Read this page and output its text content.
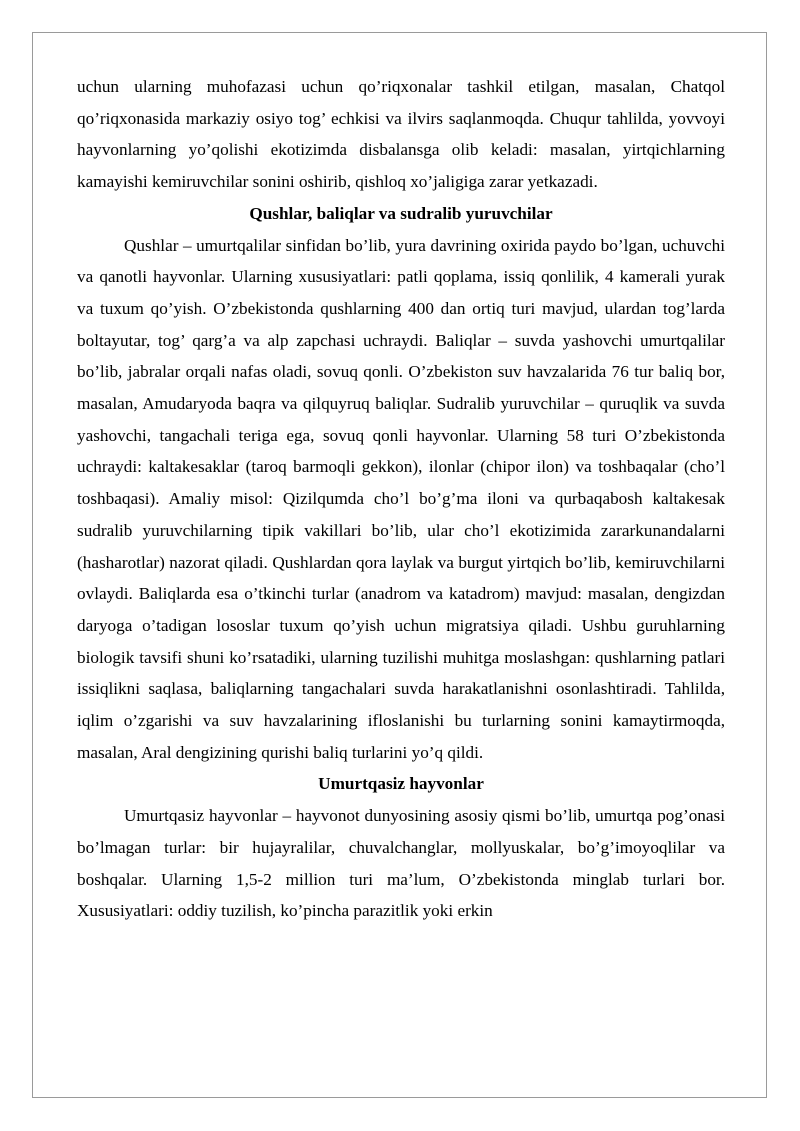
uchun ularning muhofazasi uchun qo’riqxonalar tashkil etilgan, masalan, Chatqol qo’riqxonasida markaziy osiyo tog’ echkisi va ilvirs saqlanmoqda. Chuqur tahlilda, yovvoyi hayvonlarning yo’qolishi ekotizimda disbalansga olib keladi: masalan, yirtqichlarning kamayishi kemiruvchilar sonini oshirib, qishloq xo’jaligiga zarar yetkazadi.

Qushlar, baliqlar va sudralib yuruvchilar

Qushlar – umurtqalilar sinfidan bo’lib, yura davrining oxirida paydo bo’lgan, uchuvchi va qanotli hayvonlar. Ularning xususiyatlari: patli qoplama, issiq qonlilik, 4 kamerali yurak va tuxum qo’yish. O’zbekistonda qushlarning 400 dan ortiq turi mavjud, ulardan tog’larda boltayutar, tog’ qarg’a va alp zapchasi uchraydi. Baliqlar – suvda yashovchi umurtqalilar bo’lib, jabralar orqali nafas oladi, sovuq qonli. O’zbekiston suv havzalarida 76 tur baliq bor, masalan, Amudaryoda baqra va qilquyruq baliqlar. Sudralib yuruvchilar – quruqlik va suvda yashovchi, tangachali teriga ega, sovuq qonli hayvonlar. Ularning 58 turi O’zbekistonda uchraydi: kaltakesaklar (taroq barmoqli gekkon), ilonlar (chipor ilon) va toshbaqalar (cho’l toshbaqasi). Amaliy misol: Qizilqumda cho’l bo’g’ma iloni va qurbaqabosh kaltakesak sudralib yuruvchilarning tipik vakillari bo’lib, ular cho’l ekotizimida zararkunandalarni (hasharotlar) nazorat qiladi. Qushlardan qora laylak va burgut yirtqich bo’lib, kemiruvchilarni ovlaydi. Baliqlarda esa o’tkinchi turlar (anadrom va katadrom) mavjud: masalan, dengizdan daryoga o’tadigan lososlar tuxum qo’yish uchun migratsiya qiladi. Ushbu guruhlarning biologik tavsifi shuni ko’rsatadiki, ularning tuzilishi muhitga moslashgan: qushlarning patlari issiqlikni saqlasa, baliqlarning tangachalari suvda harakatlanishni osonlashtiradi. Tahlilda, iqlim o’zgarishi va suv havzalarining ifloslanishi bu turlarning sonini kamaytirmoqda, masalan, Aral dengizining qurishi baliq turlarini yo’q qildi.

Umurtqasiz hayvonlar

Umurtqasiz hayvonlar – hayvonot dunyosining asosiy qismi bo’lib, umurtqa pog’onasi bo’lmagan turlar: bir hujayralilar, chuvalchanglar, mollyuskalar, bo’g’imoyoqlilar va boshqalar. Ularning 1,5-2 million turi ma’lum, O’zbekistonda minglab turlari bor. Xususiyatlari: oddiy tuzilish, ko’pincha parazitlik yoki erkin
